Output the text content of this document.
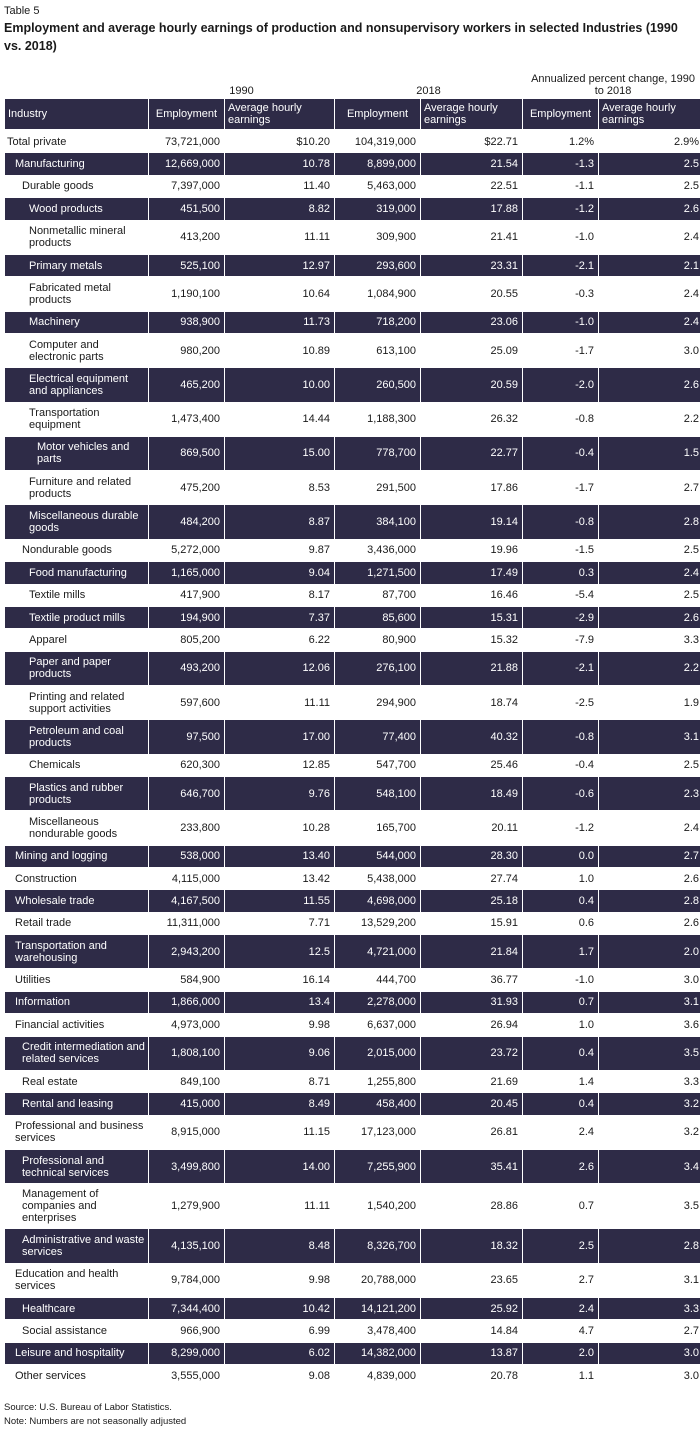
Table 5
Employment and average hourly earnings of production and nonsupervisory workers in selected Industries (1990 vs. 2018)
	1990		2018		Annualized percent change, 1990 to 2018	
Industry	Employment	Average hourly earnings	Employment	Average hourly earnings	Employment	Average hourly earnings
Total private	73,721,000	$10.20	104,319,000	$22.71	1.2%	2.9%
Manufacturing	12,669,000	10.78	8,899,000	21.54	-1.3	2.5
Durable goods	7,397,000	11.40	5,463,000	22.51	-1.1	2.5
Wood products	451,500	8.82	319,000	17.88	-1.2	2.6
Nonmetallic mineral products	413,200	11.11	309,900	21.41	-1.0	2.4
Primary metals	525,100	12.97	293,600	23.31	-2.1	2.1
Fabricated metal products	1,190,100	10.64	1,084,900	20.55	-0.3	2.4
Machinery	938,900	11.73	718,200	23.06	-1.0	2.4
Computer and electronic parts	980,200	10.89	613,100	25.09	-1.7	3.0
Electrical equipment and appliances	465,200	10.00	260,500	20.59	-2.0	2.6
Transportation equipment	1,473,400	14.44	1,188,300	26.32	-0.8	2.2
Motor vehicles and parts	869,500	15.00	778,700	22.77	-0.4	1.5
Furniture and related products	475,200	8.53	291,500	17.86	-1.7	2.7
Miscellaneous durable goods	484,200	8.87	384,100	19.14	-0.8	2.8
Nondurable goods	5,272,000	9.87	3,436,000	19.96	-1.5	2.5
Food manufacturing	1,165,000	9.04	1,271,500	17.49	0.3	2.4
Textile mills	417,900	8.17	87,700	16.46	-5.4	2.5
Textile product mills	194,900	7.37	85,600	15.31	-2.9	2.6
Apparel	805,200	6.22	80,900	15.32	-7.9	3.3
Paper and paper products	493,200	12.06	276,100	21.88	-2.1	2.2
Printing and related support activities	597,600	11.11	294,900	18.74	-2.5	1.9
Petroleum and coal products	97,500	17.00	77,400	40.32	-0.8	3.1
Chemicals	620,300	12.85	547,700	25.46	-0.4	2.5
Plastics and rubber products	646,700	9.76	548,100	18.49	-0.6	2.3
Miscellaneous nondurable goods	233,800	10.28	165,700	20.11	-1.2	2.4
Mining and logging	538,000	13.40	544,000	28.30	0.0	2.7
Construction	4,115,000	13.42	5,438,000	27.74	1.0	2.6
Wholesale trade	4,167,500	11.55	4,698,000	25.18	0.4	2.8
Retail trade	11,311,000	7.71	13,529,200	15.91	0.6	2.6
Transportation and warehousing	2,943,200	12.5	4,721,000	21.84	1.7	2.0
Utilities	584,900	16.14	444,700	36.77	-1.0	3.0
Information	1,866,000	13.4	2,278,000	31.93	0.7	3.1
Financial activities	4,973,000	9.98	6,637,000	26.94	1.0	3.6
Credit intermediation and related services	1,808,100	9.06	2,015,000	23.72	0.4	3.5
Real estate	849,100	8.71	1,255,800	21.69	1.4	3.3
Rental and leasing	415,000	8.49	458,400	20.45	0.4	3.2
Professional and business services	8,915,000	11.15	17,123,000	26.81	2.4	3.2
Professional and technical services	3,499,800	14.00	7,255,900	35.41	2.6	3.4
Management of companies and enterprises	1,279,900	11.11	1,540,200	28.86	0.7	3.5
Administrative and waste services	4,135,100	8.48	8,326,700	18.32	2.5	2.8
Education and health services	9,784,000	9.98	20,788,000	23.65	2.7	3.1
Healthcare	7,344,400	10.42	14,121,200	25.92	2.4	3.3
Social assistance	966,900	6.99	3,478,400	14.84	4.7	2.7
Leisure and hospitality	8,299,000	6.02	14,382,000	13.87	2.0	3.0
Other services	3,555,000	9.08	4,839,000	20.78	1.1	3.0
Source: U.S. Bureau of Labor Statistics.
Note: Numbers are not seasonally adjusted
